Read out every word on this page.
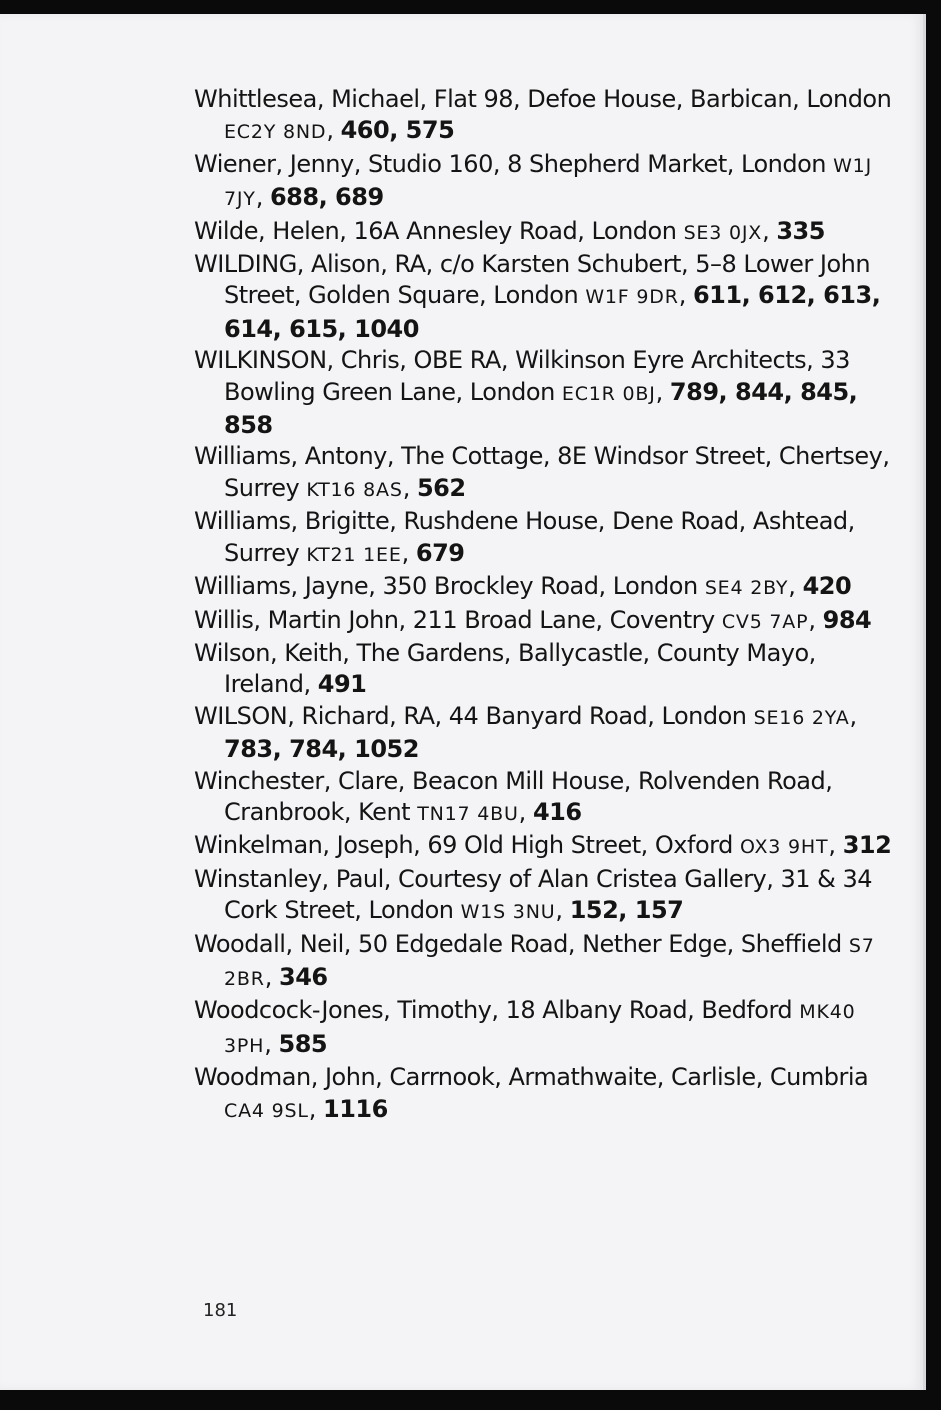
Whittlesea, Michael, Flat 98, Defoe House, Barbican, London EC2Y 8ND, 460, 575
Wiener, Jenny, Studio 160, 8 Shepherd Market, London W1J 7JY, 688, 689
Wilde, Helen, 16A Annesley Road, London SE3 0JX, 335
WILDING, Alison, RA, c/o Karsten Schubert, 5–8 Lower John Street, Golden Square, London W1F 9DR, 611, 612, 613, 614, 615, 1040
WILKINSON, Chris, OBE RA, Wilkinson Eyre Architects, 33 Bowling Green Lane, London EC1R 0BJ, 789, 844, 845, 858
Williams, Antony, The Cottage, 8E Windsor Street, Chertsey, Surrey KT16 8AS, 562
Williams, Brigitte, Rushdene House, Dene Road, Ashtead, Surrey KT21 1EE, 679
Williams, Jayne, 350 Brockley Road, London SE4 2BY, 420
Willis, Martin John, 211 Broad Lane, Coventry CV5 7AP, 984
Wilson, Keith, The Gardens, Ballycastle, County Mayo, Ireland, 491
WILSON, Richard, RA, 44 Banyard Road, London SE16 2YA, 783, 784, 1052
Winchester, Clare, Beacon Mill House, Rolvenden Road, Cranbrook, Kent TN17 4BU, 416
Winkelman, Joseph, 69 Old High Street, Oxford OX3 9HT, 312
Winstanley, Paul, Courtesy of Alan Cristea Gallery, 31 & 34 Cork Street, London W1S 3NU, 152, 157
Woodall, Neil, 50 Edgedale Road, Nether Edge, Sheffield S7 2BR, 346
Woodcock-Jones, Timothy, 18 Albany Road, Bedford MK40 3PH, 585
Woodman, John, Carrnook, Armathwaite, Carlisle, Cumbria CA4 9SL, 1116
181
